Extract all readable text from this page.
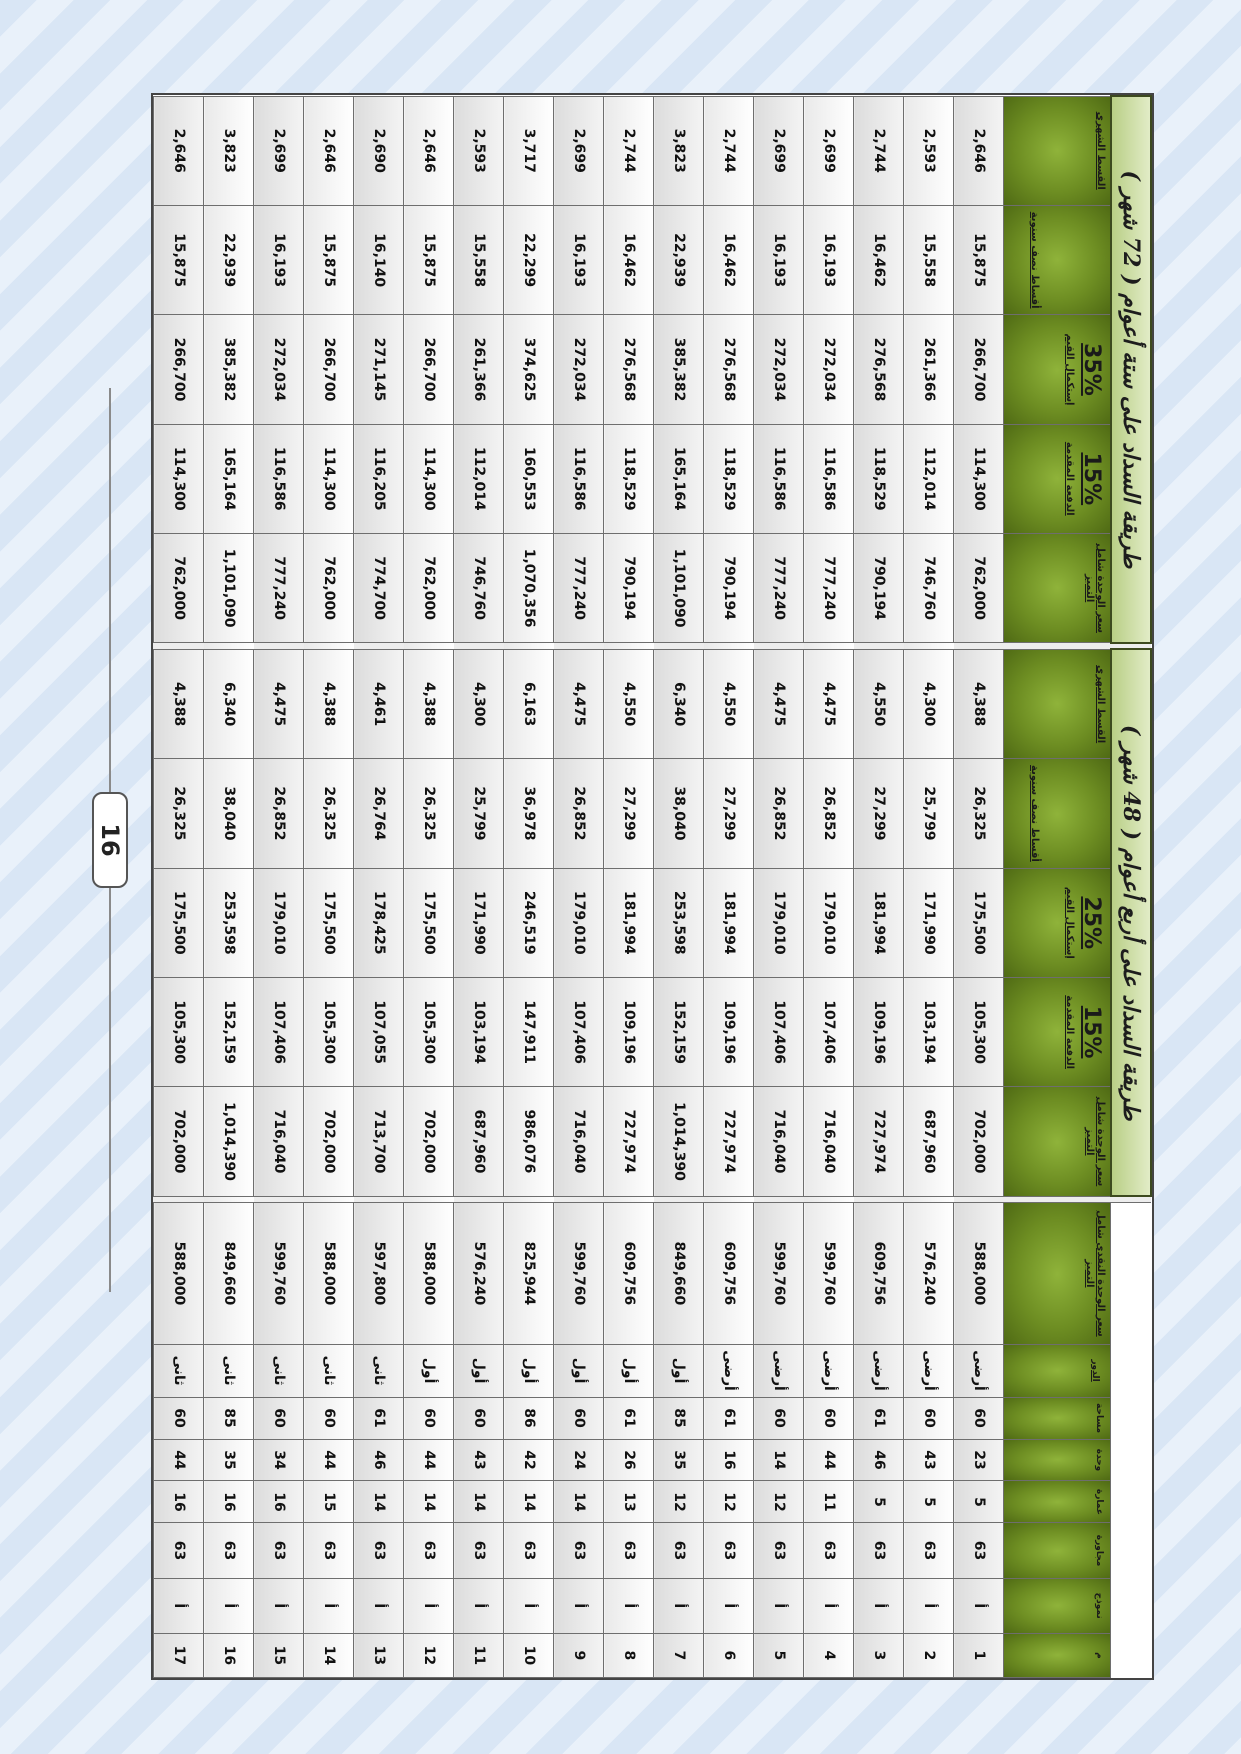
									طريقة السداد على أربع أعوام ( 48 شهر )						طريقة السداد على ستة أعوام ( 72 شهر )				
م	نموذج	مجاورة	عمارة	وحدة	مساحة	الدور	سعر الوحدة النقدى شامل التميز		سعر الوحدة شامل التميز	15%
الدفعة المقدمة	25%
إستكمال القيم	أقساط نصف سنوية	القسط الشهرى		سعر الوحدة شامل التميز	15%
الدفعة المقدمة	35%
إستكمال القيم	أقساط نصف سنوية	القسط الشهرى

1	أ	63	5	23	60	أرضى	588,000		702,000	105,300	175,500	26,325	4,388		762,000	114,300	266,700	15,875	2,646
2	أ	63	5	43	60	أرضى	576,240		687,960	103,194	171,990	25,799	4,300		746,760	112,014	261,366	15,558	2,593
3	أ	63	5	46	61	أرضى	609,756		727,974	109,196	181,994	27,299	4,550		790,194	118,529	276,568	16,462	2,744
4	أ	63	11	44	60	أرضى	599,760		716,040	107,406	179,010	26,852	4,475		777,240	116,586	272,034	16,193	2,699
5	أ	63	12	14	60	أرضى	599,760		716,040	107,406	179,010	26,852	4,475		777,240	116,586	272,034	16,193	2,699
6	أ	63	12	16	61	أرضى	609,756		727,974	109,196	181,994	27,299	4,550		790,194	118,529	276,568	16,462	2,744
7	أ	63	12	35	85	أول	849,660		1,014,390	152,159	253,598	38,040	6,340		1,101,090	165,164	385,382	22,939	3,823
8	أ	63	13	26	61	أول	609,756		727,974	109,196	181,994	27,299	4,550		790,194	118,529	276,568	16,462	2,744
9	أ	63	14	24	60	أول	599,760		716,040	107,406	179,010	26,852	4,475		777,240	116,586	272,034	16,193	2,699
10	أ	63	14	42	86	أول	825,944		986,076	147,911	246,519	36,978	6,163		1,070,356	160,553	374,625	22,299	3,717
11	أ	63	14	43	60	أول	576,240		687,960	103,194	171,990	25,799	4,300		746,760	112,014	261,366	15,558	2,593
12	أ	63	14	44	60	أول	588,000		702,000	105,300	175,500	26,325	4,388		762,000	114,300	266,700	15,875	2,646
13	أ	63	14	46	61	ثانى	597,800		713,700	107,055	178,425	26,764	4,461		774,700	116,205	271,145	16,140	2,690
14	أ	63	15	44	60	ثانى	588,000		702,000	105,300	175,500	26,325	4,388		762,000	114,300	266,700	15,875	2,646
15	أ	63	16	34	60	ثانى	599,760		716,040	107,406	179,010	26,852	4,475		777,240	116,586	272,034	16,193	2,699
16	أ	63	16	35	85	ثانى	849,660		1,014,390	152,159	253,598	38,040	6,340		1,101,090	165,164	385,382	22,939	3,823
17	أ	63	16	44	60	ثانى	588,000		702,000	105,300	175,500	26,325	4,388		762,000	114,300	266,700	15,875	2,646
16
